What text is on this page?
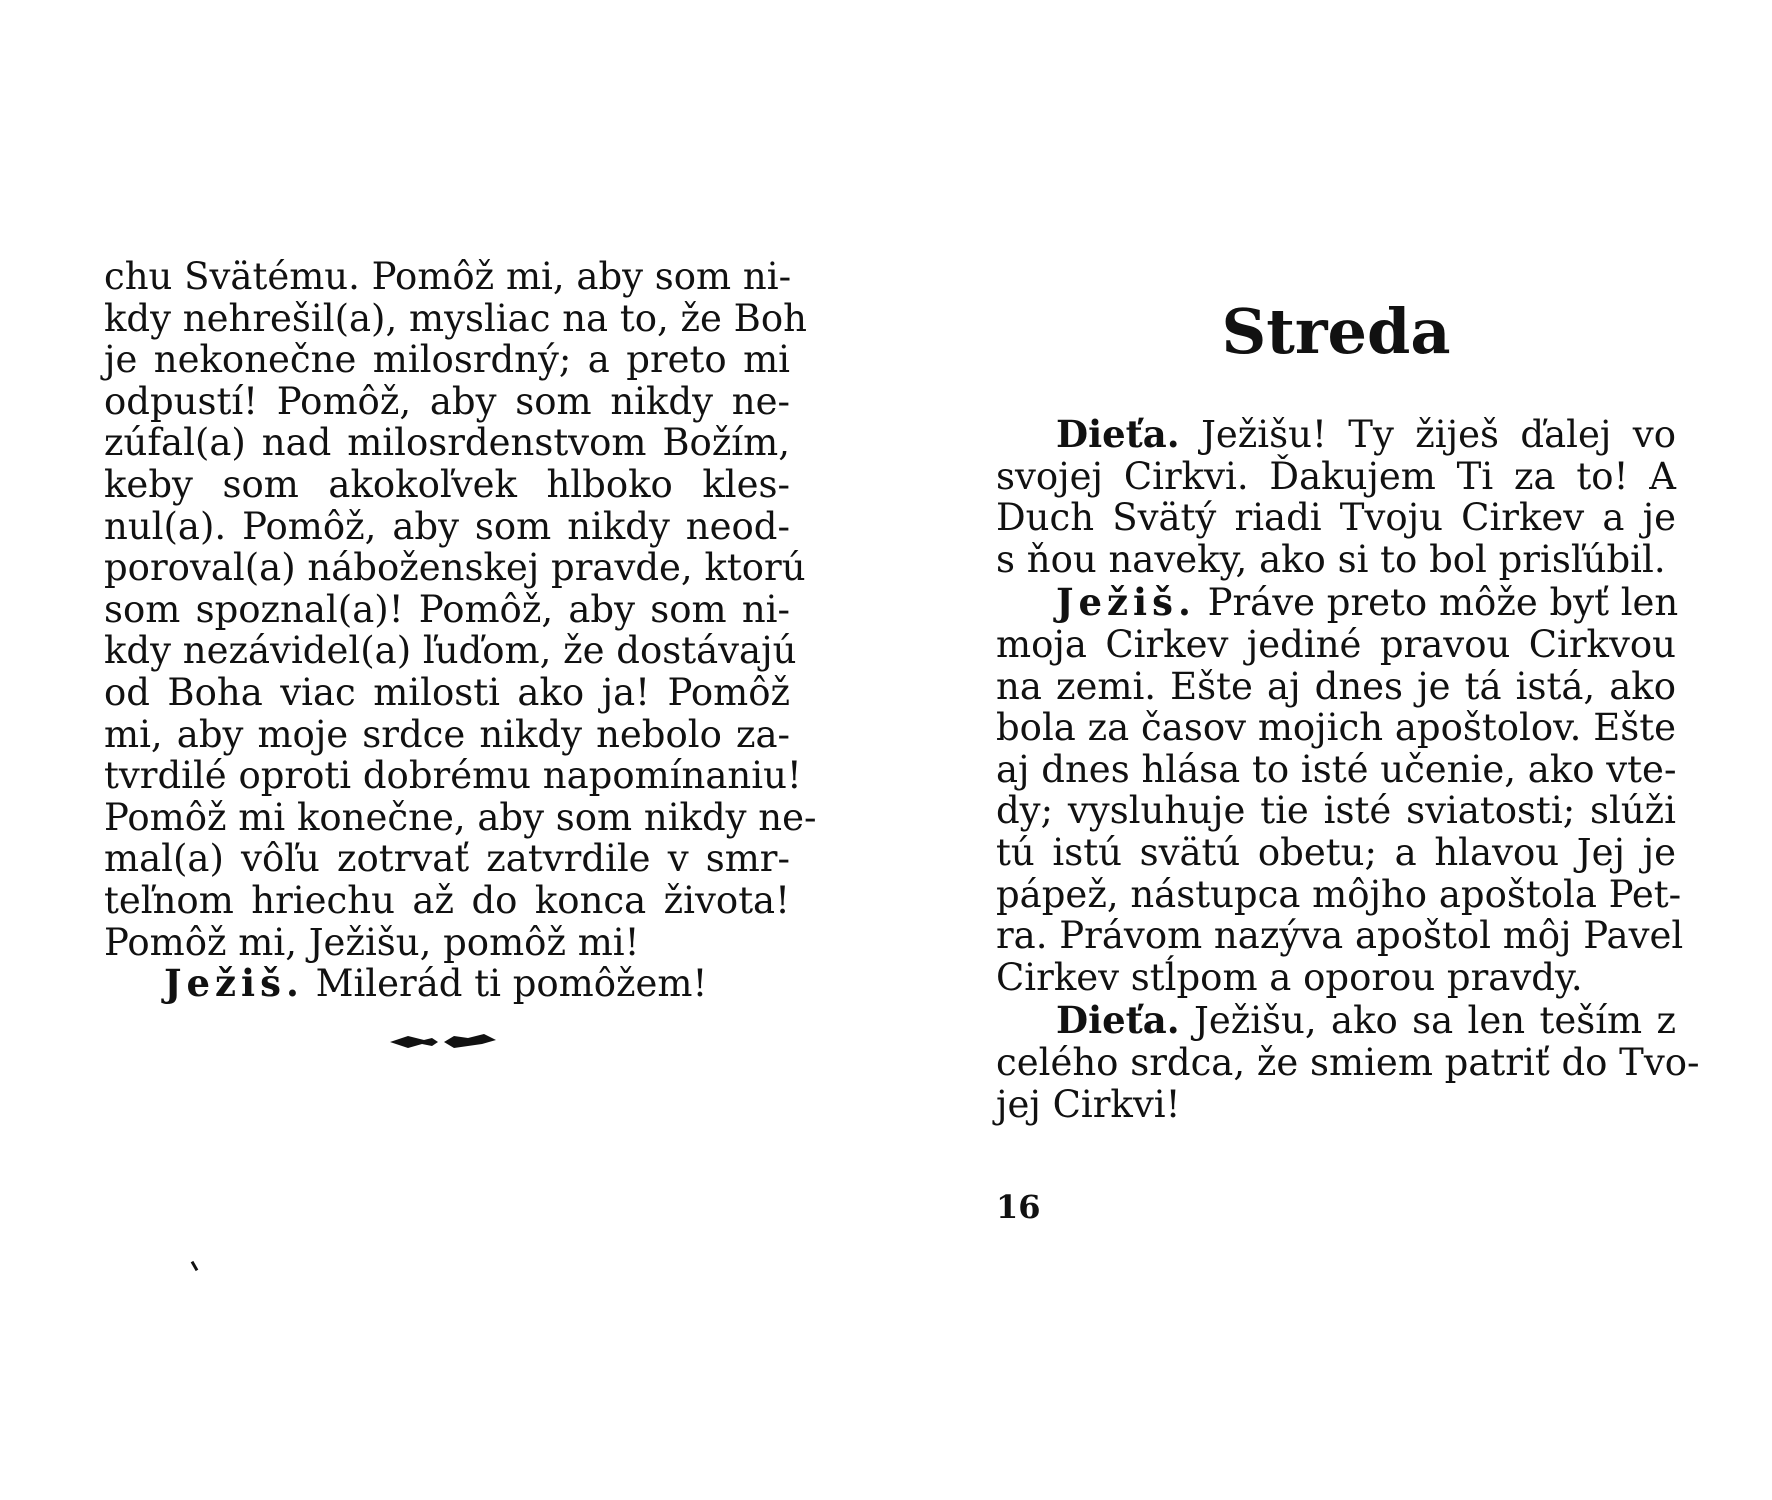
chu Svätému. Pomôž mi, aby som ni-
kdy nehrešil(a), mysliac na to, že Boh
je nekonečne milosrdný; a preto mi
odpustí! Pomôž, aby som nikdy ne-
zúfal(a) nad milosrdenstvom Božím,
keby som akokoľvek hlboko kles-
nul(a). Pomôž, aby som nikdy neod-
poroval(a) náboženskej pravde, ktorú
som spoznal(a)! Pomôž, aby som ni-
kdy nezávidel(a) ľuďom, že dostávajú
od Boha viac milosti ako ja! Pomôž
mi, aby moje srdce nikdy nebolo za-
tvrdilé oproti dobrému napomínaniu!
Pomôž mi konečne, aby som nikdy ne-
mal(a) vôľu zotrvať zatvrdile v smr-
teľnom hriechu až do konca života!
Pomôž mi, Ježišu, pomôž mi!
Ježiš. Milerád ti pomôžem!
Streda
Dieťa. Ježišu! Ty žiješ ďalej vo
svojej Cirkvi. Ďakujem Ti za to! A
Duch Svätý riadi Tvoju Cirkev a je
s ňou naveky, ako si to bol prisľúbil.
Ježiš. Práve preto môže byť len
moja Cirkev jediné pravou Cirkvou
na zemi. Ešte aj dnes je tá istá, ako
bola za časov mojich apoštolov. Ešte
aj dnes hlása to isté učenie, ako vte-
dy; vysluhuje tie isté sviatosti; slúži
tú istú svätú obetu; a hlavou Jej je
pápež, nástupca môjho apoštola Pet-
ra. Právom nazýva apoštol môj Pavel
Cirkev stĺpom a oporou pravdy.
Dieťa. Ježišu, ako sa len teším z
celého srdca, že smiem patriť do Tvo-
jej Cirkvi!
16
